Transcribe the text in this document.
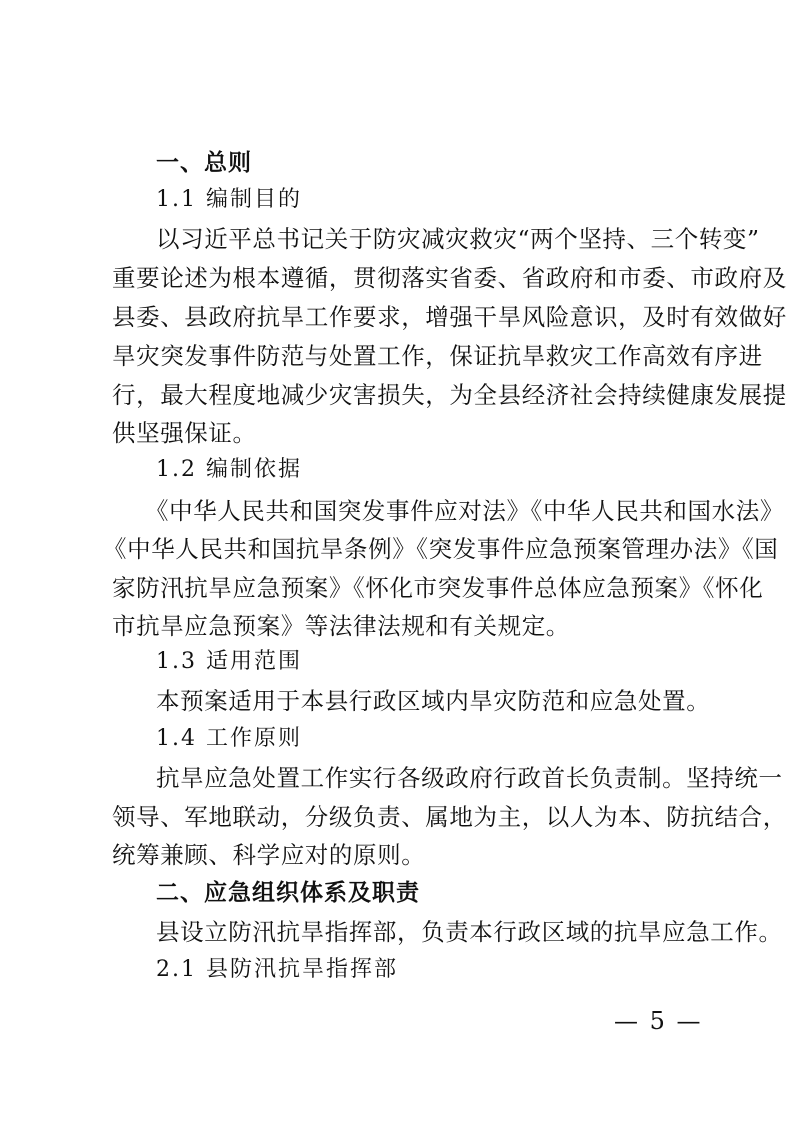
一、总则
1.1 编制目的
以习近平总书记关于防灾减灾救灾“两个坚持、三个转变”
重要论述为根本遵循，贯彻落实省委、省政府和市委、市政府及
县委、县政府抗旱工作要求，增强干旱风险意识，及时有效做好
旱灾突发事件防范与处置工作，保证抗旱救灾工作高效有序进
行，最大程度地减少灾害损失，为全县经济社会持续健康发展提
供坚强保证。
1.2 编制依据
《中华人民共和国突发事件应对法》《中华人民共和国水法》
《中华人民共和国抗旱条例》《突发事件应急预案管理办法》《国
家防汛抗旱应急预案》《怀化市突发事件总体应急预案》《怀化
市抗旱应急预案》等法律法规和有关规定。
1.3 适用范围
本预案适用于本县行政区域内旱灾防范和应急处置。
1.4 工作原则
抗旱应急处置工作实行各级政府行政首长负责制。坚持统一
领导、军地联动，分级负责、属地为主，以人为本、防抗结合，
统筹兼顾、科学应对的原则。
二、应急组织体系及职责
县设立防汛抗旱指挥部，负责本行政区域的抗旱应急工作。
2.1 县防汛抗旱指挥部
— 5 —
